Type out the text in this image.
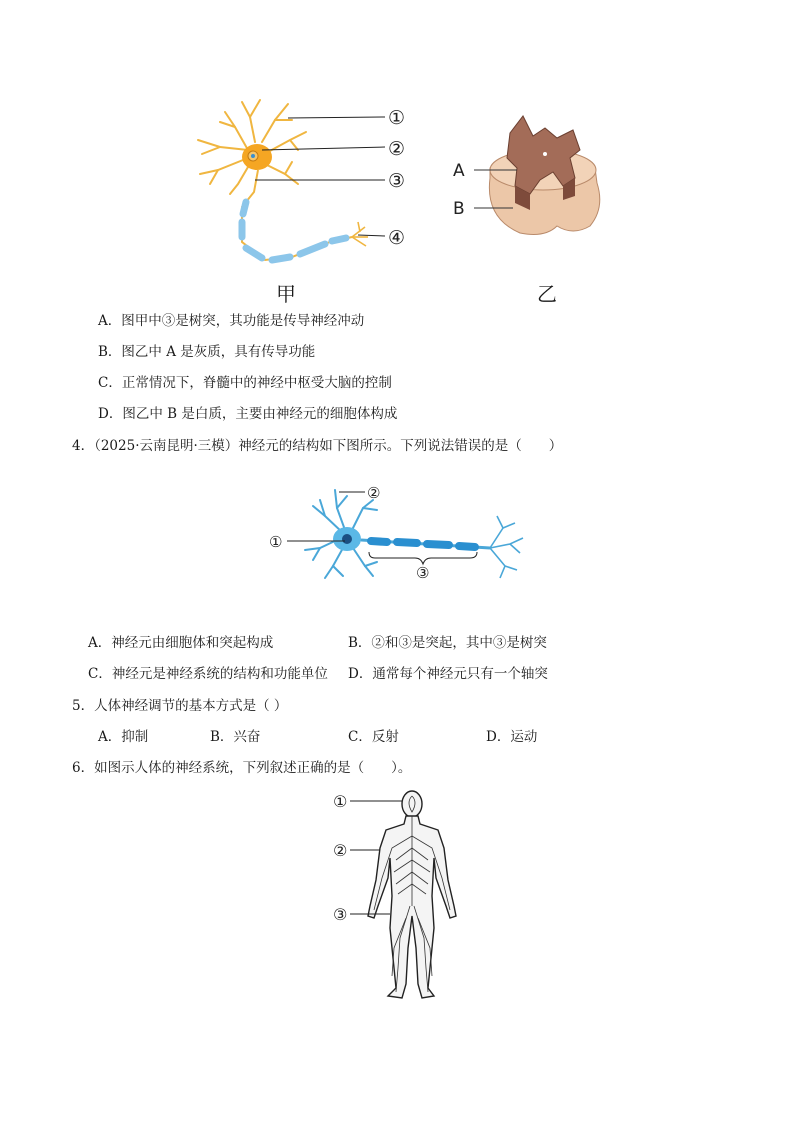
①
②
③
④
甲
A
B
乙
A．图甲中③是树突，其功能是传导神经冲动
B．图乙中 A 是灰质，具有传导功能
C．正常情况下，脊髓中的神经中枢受大脑的控制
D．图乙中 B 是白质，主要由神经元的细胞体构成
4．（2025·云南昆明·三模）神经元的结构如下图所示。下列说法错误的是（　　）
①
②
③
A．神经元由细胞体和突起构成	B．②和③是突起，其中③是树突
C．神经元是神经系统的结构和功能单位 D．通常每个神经元只有一个轴突
5．人体神经调节的基本方式是（ ）
A．抑制	B．兴奋	C．反射	D．运动
6．如图示人体的神经系统，下列叙述正确的是（　　）。
①
②
③
